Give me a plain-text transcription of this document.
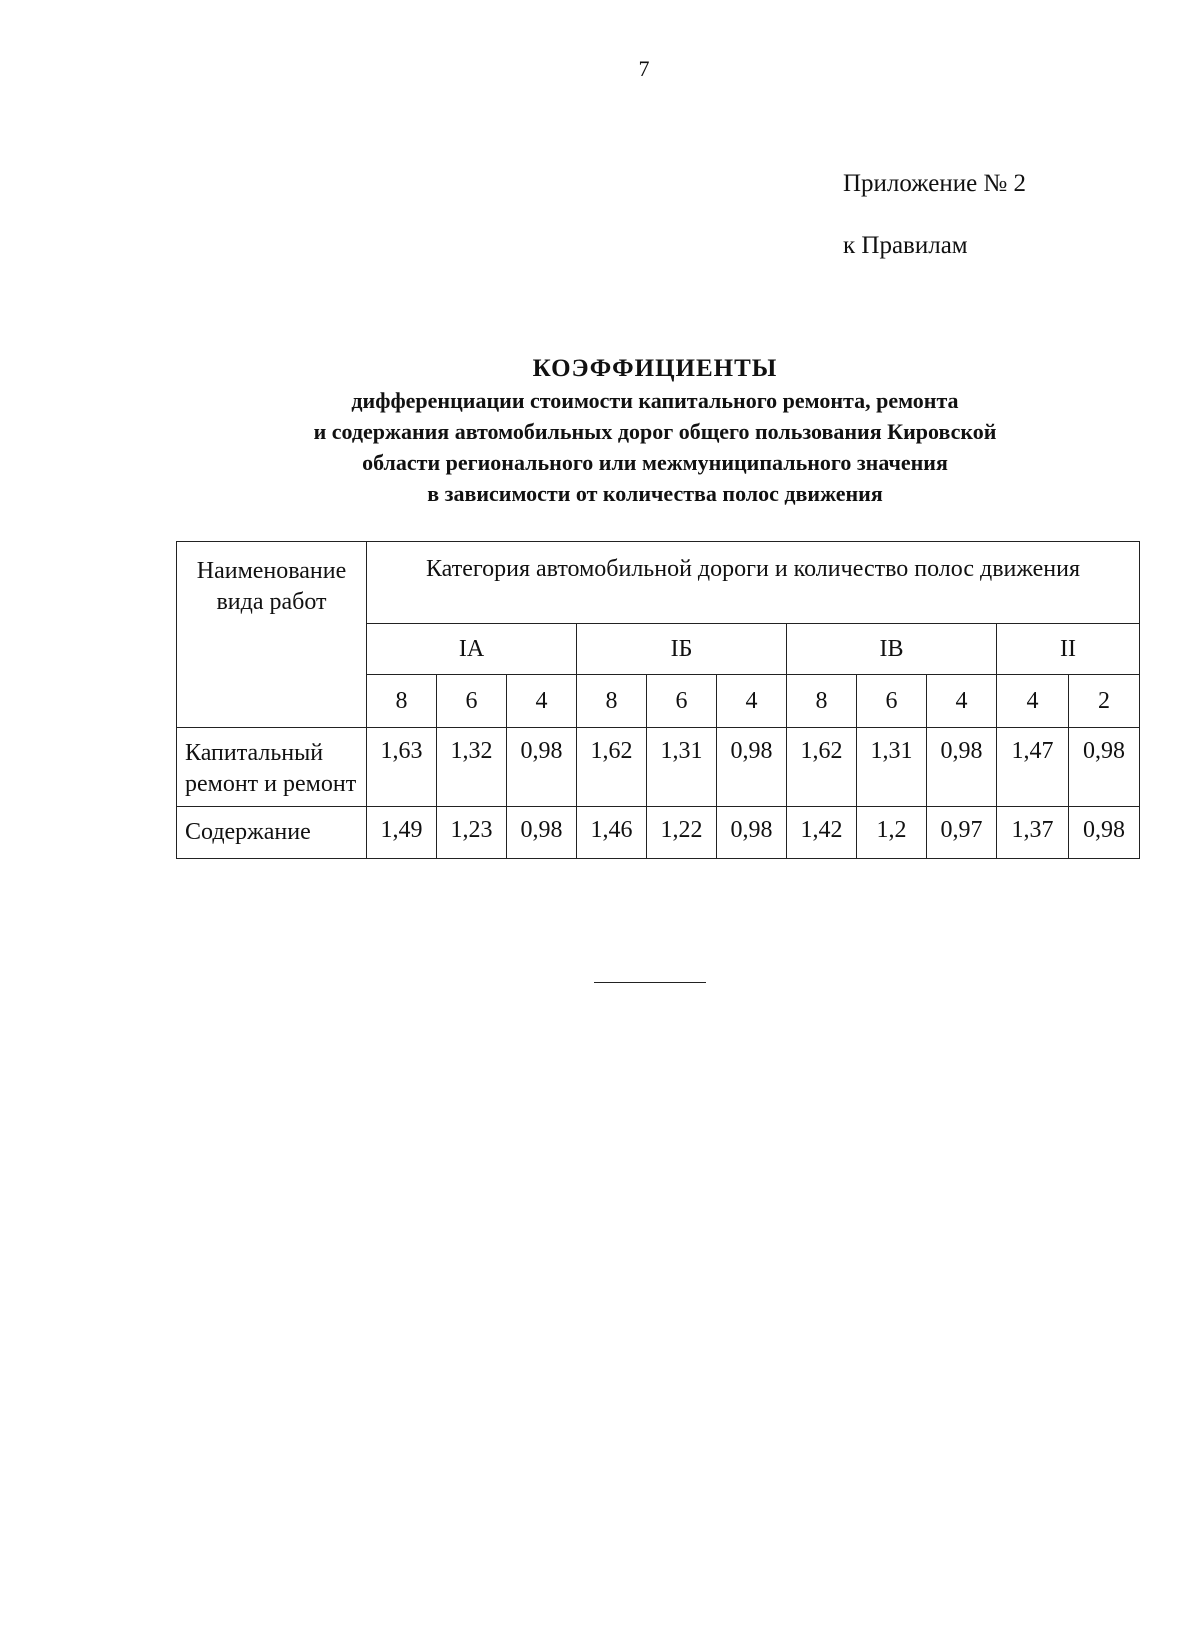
7
Приложение № 2
к Правилам
КОЭФФИЦИЕНТЫ
дифференциации стоимости капитального ремонта, ремонта
и содержания автомобильных дорог общего пользования Кировской
области регионального или межмуниципального значения
в зависимости от количества полос движения
Наименование вида работ	Категория автомобильной дороги и количество полос движения										
	IA			IБ			IB			II	
	8	6	4	8	6	4	8	6	4	4	2
Капитальный ремонт и ремонт	1,63	1,32	0,98	1,62	1,31	0,98	1,62	1,31	0,98	1,47	0,98
Содержание	1,49	1,23	0,98	1,46	1,22	0,98	1,42	1,2	0,97	1,37	0,98
